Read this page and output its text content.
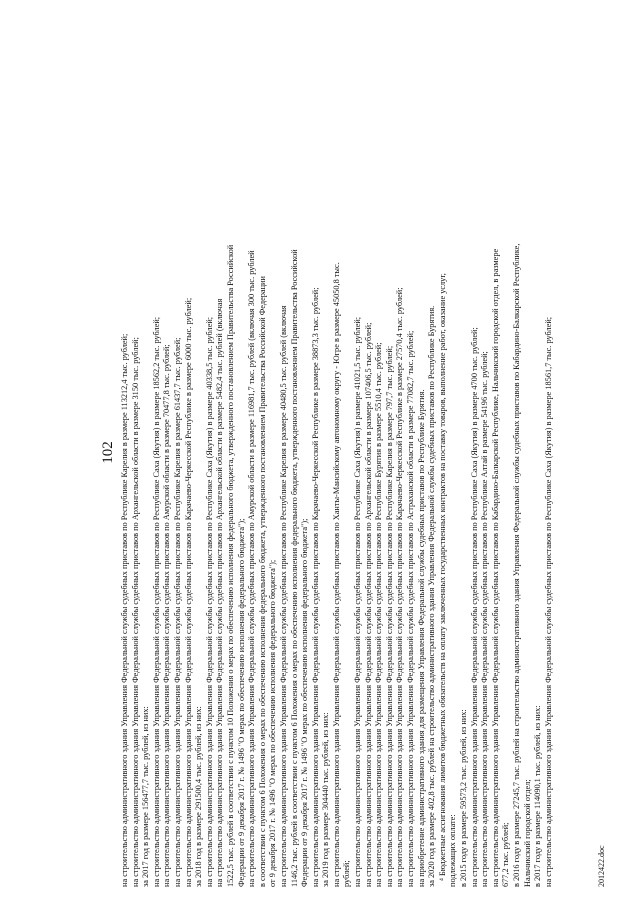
102 на строительство административного здания Управления Федеральной службы судебных приставов по Республике Карелия в размере 113212,4 тыс. рублей; на строительство административного здания Управления Федеральной службы судебных приставов по Архангельской области в размере 3150 тыс. рублей; за 2017 год в размере 156477,7 тыс. рублей, из них: на строительство административного здания Управления Федеральной службы судебных приставов по Республике Саха (Якутия) в размере 18562,2 тыс. рублей; на строительство административного здания Управления Федеральной службы судебных приставов по Амурской области в размере 70477,8 тыс. рублей; на строительство административного здания Управления Федеральной службы судебных приставов по Республике Карелия в размере 61437,7 тыс. рублей; на строительство административного здания Управления Федеральной службы судебных приставов по Карачаево-Черкесской Республике в размере 6000 тыс. рублей; за 2018 год в размере 291500,4 тыс. рублей, из них: на строительство административного здания Управления Федеральной службы судебных приставов по Республике Саха (Якутия) в размере 40338,5 тыс. рублей; на строительство административного здания Управления Федеральной службы судебных приставов по Архангельской области в размере 5482,4 тыс. рублей (включая 1522,5 тыс. рублей в соответствии с пунктом 10 Положения о мерах по обеспечению исполнения федерального бюджета, утвержденного постановлением Правительства Российской Федерации от 9 декабря 2017 г. № 1496 "О мерах по обеспечению исполнения федерального бюджета"); на строительство административного здания Управления Федеральной службы судебных приставов по Амурской области в размере 116981,7 тыс. рублей (включая 300 тыс. рублей в соответствии с пунктом 6 Положения о мерах по обеспечению исполнения федерального бюджета, утвержденного постановлением Правительства Российской Федерации от 9 декабря 2017 г. № 1496 "О мерах по обеспечению исполнения федерального бюджета"); на строительство административного здания Управления Федеральной службы судебных приставов по Республике Карелия в размере 40480,5 тыс. рублей (включая 1146,2 тыс. рублей в соответствии с пунктом 6 Положения о мерах по обеспечению исполнения федерального бюджета, утвержденного постановлением Правительства Российской Федерации от 9 декабря 2017 г. № 1496 "О мерах по обеспечению исполнения федерального бюджета"); на строительство административного здания Управления Федеральной службы судебных приставов по Карачаево-Черкесской Республике в размере 38873,3 тыс. рублей; за 2019 год в размере 304440 тыс. рублей, из них: на строительство административного здания Управления Федеральной службы судебных приставов по Ханты-Мансийскому автономному округу - Югре в размере 45050,8 тыс. рублей; на строительство административного здания Управления Федеральной службы судебных приставов по Республике Саха (Якутия) в размере 41021,5 тыс. рублей; на строительство административного здания Управления Федеральной службы судебных приставов по Архангельской области в размере 107406,5 тыс. рублей; на строительство административного здания Управления Федеральной службы судебных приставов по Республике Бурятия в размере 5510,4 тыс. рублей; на строительство административного здания Управления Федеральной службы судебных приставов по Республике Карелия в размере 797,7 тыс. рублей; на строительство административного здания Управления Федеральной службы судебных приставов по Карачаево-Черкесской Республике в размере 27570,4 тыс. рублей; на строительство административного здания Управления Федеральной службы судебных приставов по Астраханской области в размере 77082,7 тыс. рублей; на приобретение административного здания для размещения Управления Федеральной службы судебных приставов по Республике Бурятия. за 2020 год в размере 402,8 тыс. рублей на строительство административного здания Управления Федеральной службы судебных приставов по Республике Бурятия. ⁴ Бюджетные ассигнования лимитов бюджетных обязательств на оплату заключенных государственных контрактов на поставку товаров, выполнение работ, оказание услуг, подлежащих оплате: в 2015 году в размере 59573,2 тыс. рублей, из них: на строительство административного здания Управления Федеральной службы судебных приставов по Республике Саха (Якутия) в размере 4700 тыс. рублей; на строительство административного здания Управления Федеральной службы судебных приставов по Республике Алтай в размере 54196 тыс. рублей; на строительство административного здания Управления Федеральной службы судебных приставов по Кабардино-Балкарской Республике, Нальчикский городской отдел, в размере 677,2 тыс. рублей; в 2016 году в размере 27245,7 тыс. рублей на строительство административного здания Управления Федеральной службы судебных приставов по Кабардино-Балкарской Республике, Нальчикский городской отдел; в 2017 году в размере 114090,1 тыс. рублей, из них: на строительство административного здания Управления Федеральной службы судебных приставов по Республике Саха (Якутия) в размере 18561,7 тыс. рублей;	2012422.doc
